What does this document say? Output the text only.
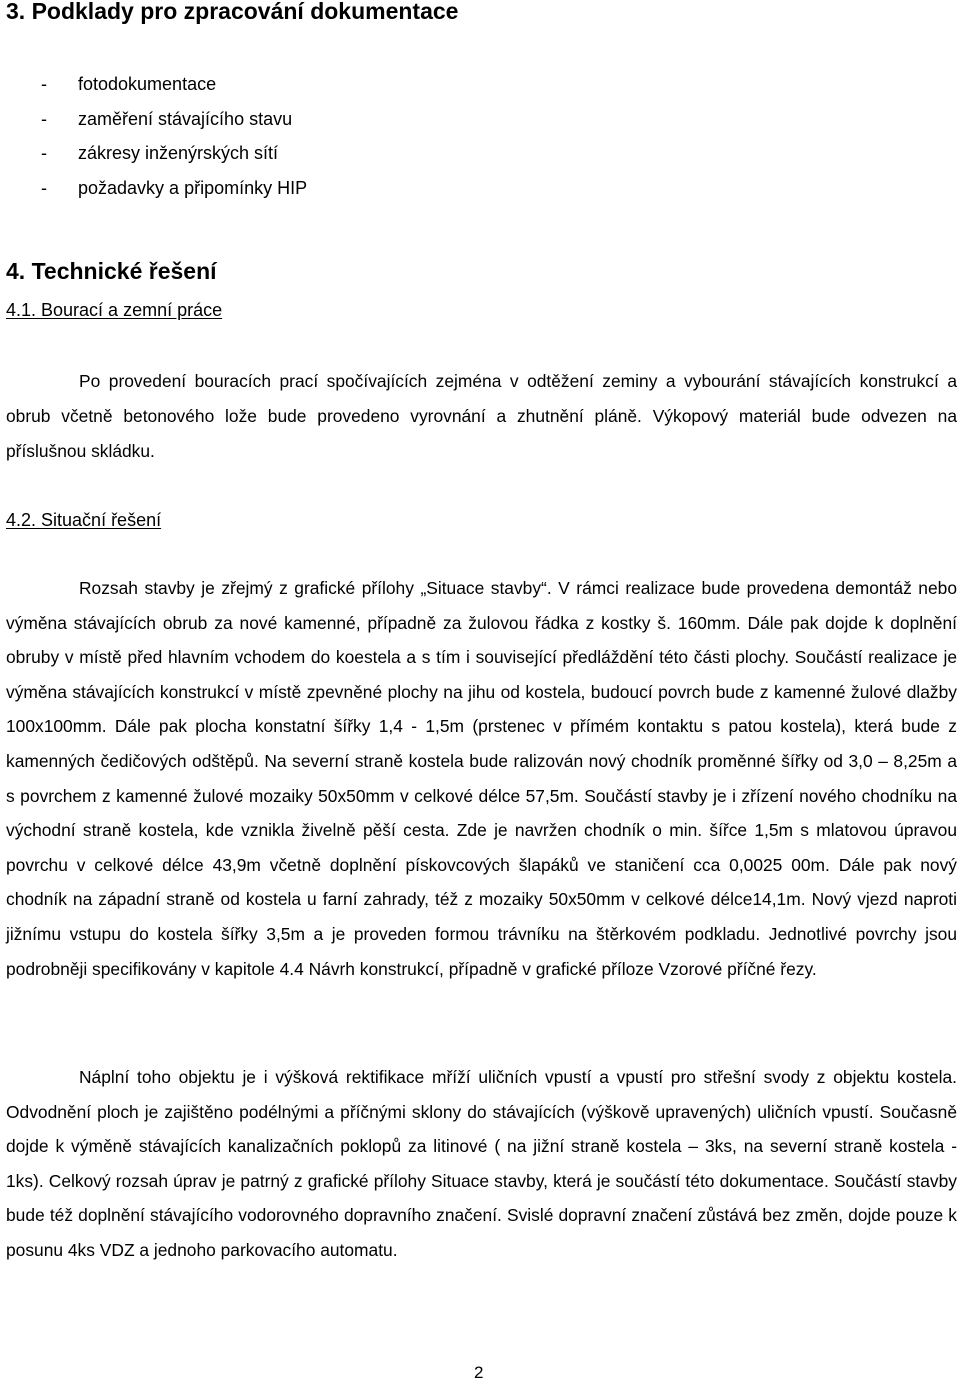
3. Podklady pro zpracování dokumentace
- fotodokumentace
- zaměření stávajícího stavu
- zákresy inženýrských sítí
- požadavky a připomínky HIP
4. Technické řešení
4.1. Bourací a zemní práce

Po provedení bouracích prací spočívajících zejména v odtěžení zeminy a vybourání stávajících konstrukcí a obrub včetně betonového lože bude provedeno vyrovnání a zhutnění pláně. Výkopový materiál bude odvezen na příslušnou skládku.

4.2. Situační řešení

Rozsah stavby je zřejmý z grafické přílohy „Situace stavby“. V rámci realizace bude provedena demontáž nebo výměna stávajících obrub za nové kamenné, případně za žulovou řádka z kostky š. 160mm. Dále pak dojde k doplnění obruby v místě před hlavním vchodem do koestela a s tím i související předláždění této části plochy. Součástí realizace je výměna stávajících konstrukcí v místě zpevněné plochy na jihu od kostela, budoucí povrch bude z kamenné žulové dlažby 100x100mm. Dále pak plocha konstatní šířky 1,4 - 1,5m (prstenec v přímém kontaktu s patou kostela), která bude z kamenných čedičových odštěpů. Na severní straně kostela bude ralizován nový chodník proměnné šířky od 3,0 – 8,25m a s povrchem z kamenné žulové mozaiky 50x50mm v celkové délce 57,5m. Součástí stavby je i zřízení nového chodníku na východní straně kostela, kde vznikla živelně pěší cesta. Zde je navržen chodník o min. šířce 1,5m s mlatovou úpravou povrchu v celkové délce 43,9m včetně doplnění pískovcových šlapáků ve staničení cca 0,0025 00m. Dále pak nový chodník na západní straně od kostela u farní zahrady, též z mozaiky 50x50mm v celkové délce14,1m. Nový vjezd naproti jižnímu vstupu do kostela šířky 3,5m a je proveden formou trávníku na štěrkovém podkladu. Jednotlivé povrchy jsou podrobněji specifikovány v kapitole 4.4 Návrh konstrukcí, případně v grafické příloze Vzorové příčné řezy.

Náplní toho objektu je i výšková rektifikace mříží uličních vpustí a vpustí pro střešní svody z objektu kostela. Odvodnění ploch je zajištěno podélnými a příčnými sklony do stávajících (výškově upravených) uličních vpustí. Současně dojde k výměně stávajících kanalizačních poklopů za litinové ( na jižní straně kostela – 3ks, na severní straně kostela - 1ks). Celkový rozsah úprav je patrný z grafické přílohy Situace stavby, která je součástí této dokumentace. Součástí stavby bude též doplnění stávajícího vodorovného dopravního značení. Svislé dopravní značení zůstává bez změn, dojde pouze k posunu 4ks VDZ a jednoho parkovacího automatu.

2
